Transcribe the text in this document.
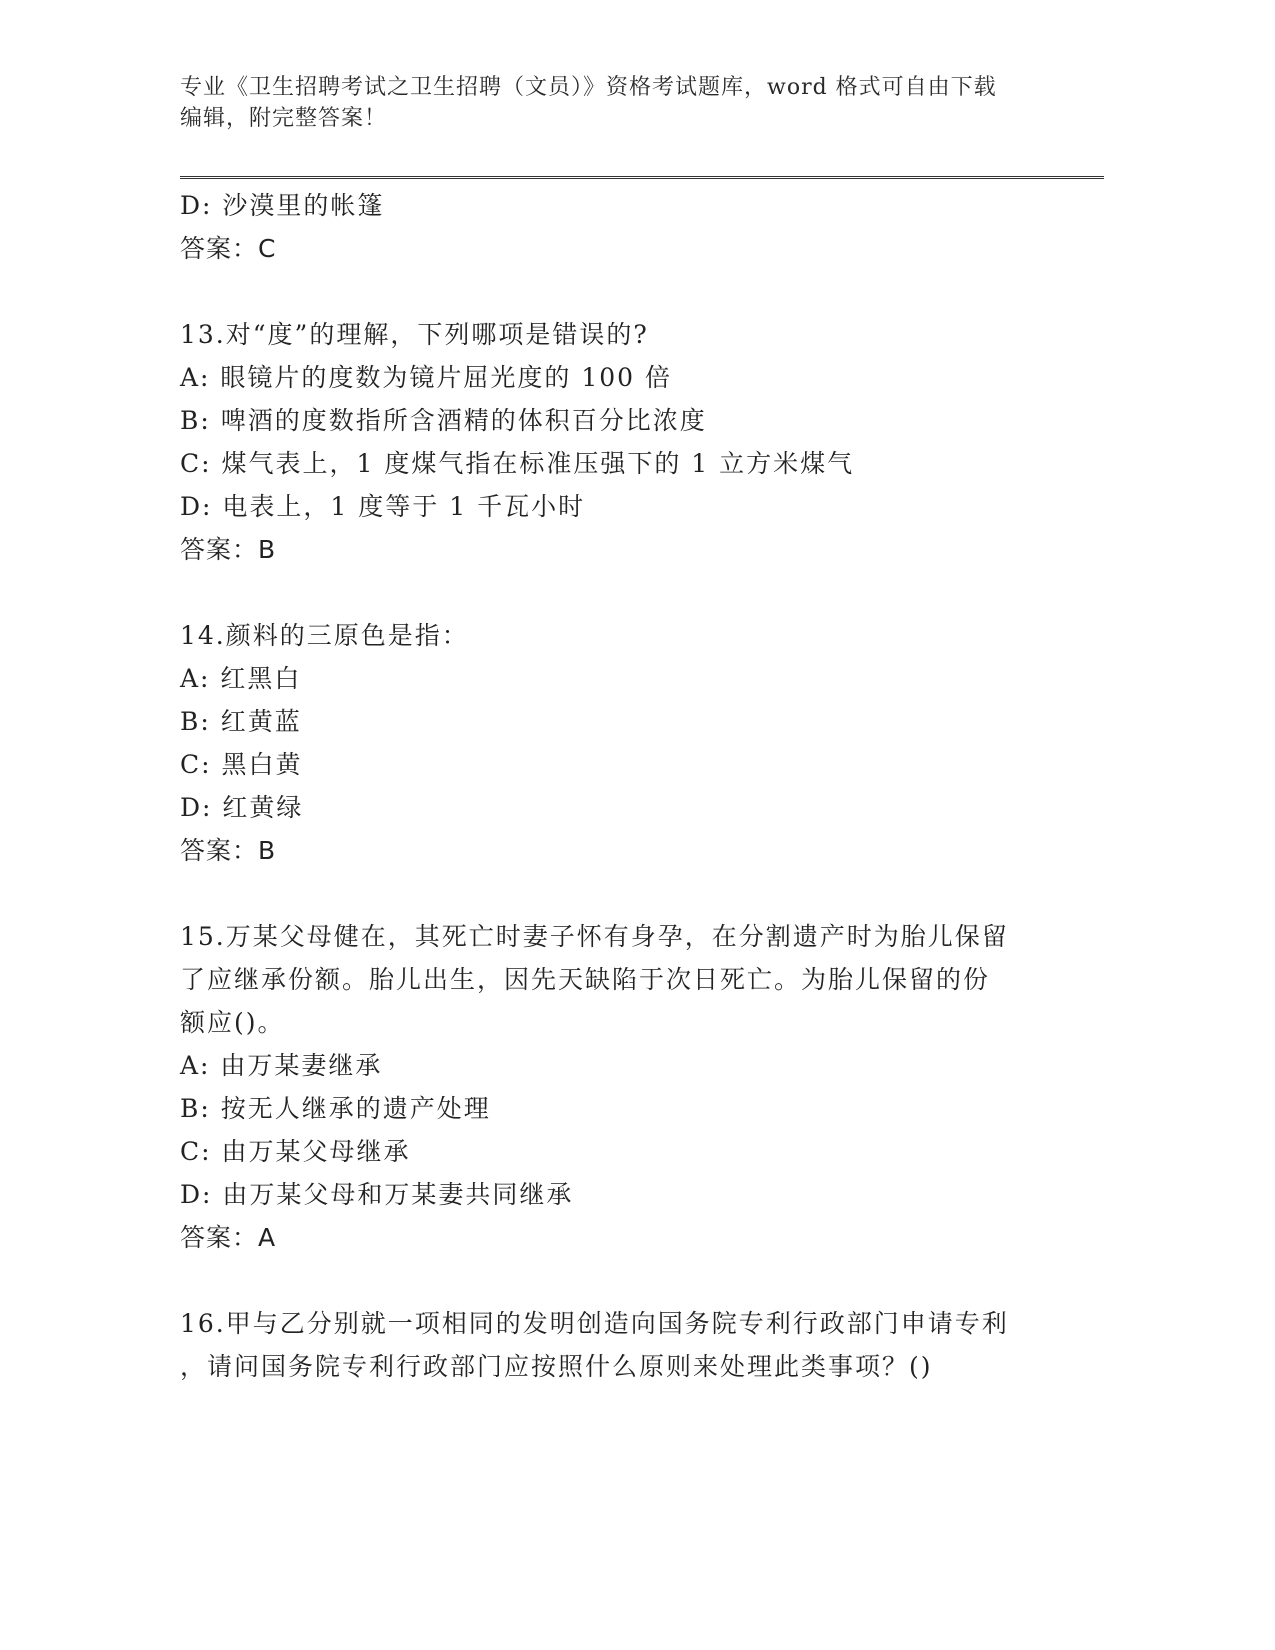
专业《卫生招聘考试之卫生招聘（文员）》资格考试题库，word 格式可自由下载
编辑，附完整答案！
D: 沙漠里的帐篷
答案：C
13.对“度”的理解，下列哪项是错误的?
A: 眼镜片的度数为镜片屈光度的 100 倍
B: 啤酒的度数指所含酒精的体积百分比浓度
C: 煤气表上，1 度煤气指在标准压强下的 1 立方米煤气
D: 电表上，1 度等于 1 千瓦小时
答案：B
14.颜料的三原色是指：
A: 红黑白
B: 红黄蓝
C: 黑白黄
D: 红黄绿
答案：B
15.万某父母健在，其死亡时妻子怀有身孕，在分割遗产时为胎儿保留
了应继承份额。胎儿出生，因先天缺陷于次日死亡。为胎儿保留的份
额应()。
A: 由万某妻继承
B: 按无人继承的遗产处理
C: 由万某父母继承
D: 由万某父母和万某妻共同继承
答案：A
16.甲与乙分别就一项相同的发明创造向国务院专利行政部门申请专利
，请问国务院专利行政部门应按照什么原则来处理此类事项？()
